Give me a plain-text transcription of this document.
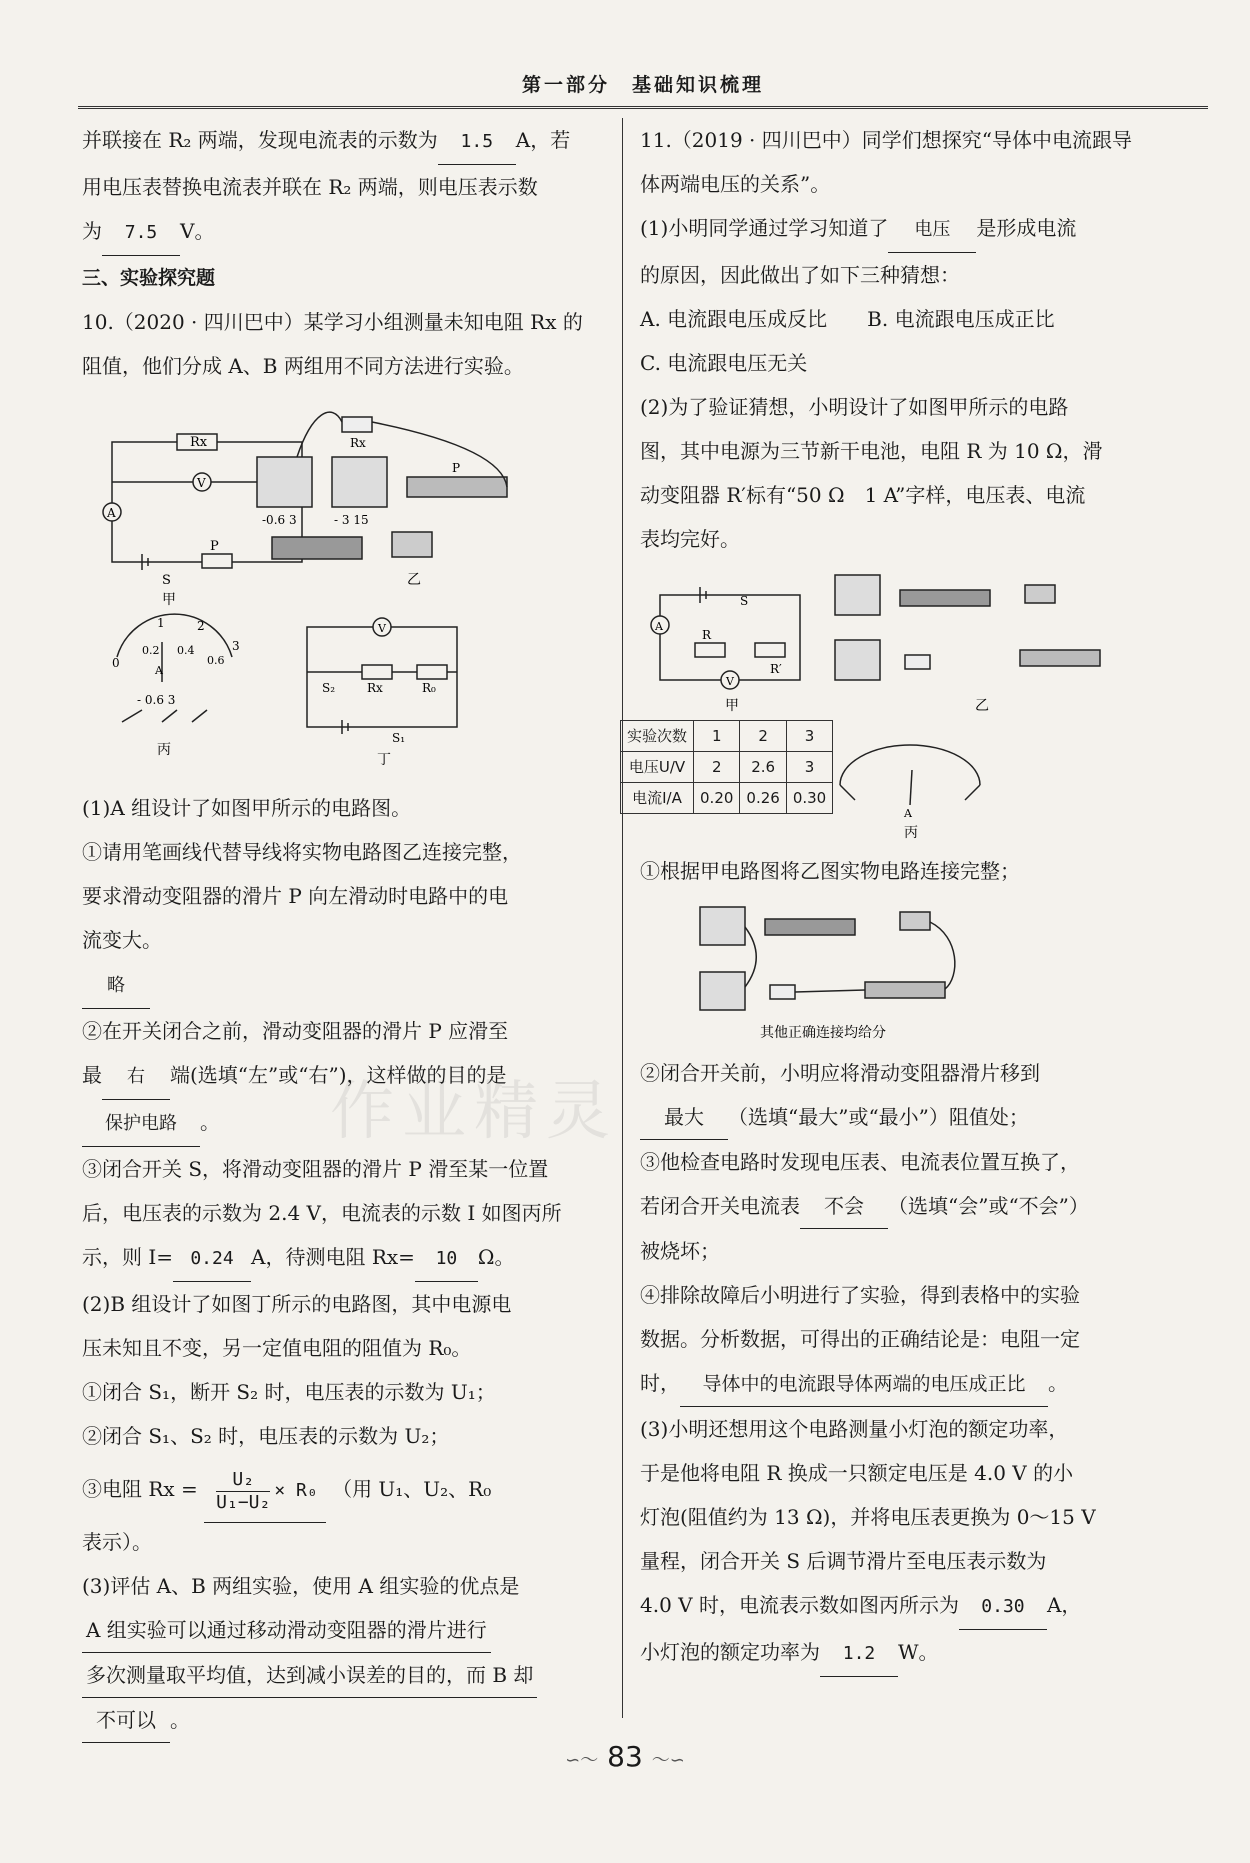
第一部分　基础知识梳理
作业精灵
并联接在 R₂ 两端，发现电流表的示数为 1.5 A，若
用电压表替换电流表并联在 R₂ 两端，则电压表示数
为 7.5 V。
三、实验探究题
10.（2020 · 四川巴中）某学习小组测量未知电阻 Rx 的
阻值，他们分成 A、B 两组用不同方法进行实验。
Rx
V
A
P
S
甲
-0.6 3	- 3 15
Rx
P
乙
0
1	2
3
0.2 0.4
0.6
A
- 0.6 3
丙
V
S₂	Rx	R₀
S₁
丁
(1)A 组设计了如图甲所示的电路图。
①请用笔画线代替导线将实物电路图乙连接完整，
要求滑动变阻器的滑片 P 向左滑动时电路中的电
流变大。
略
②在开关闭合之前，滑动变阻器的滑片 P 应滑至
最 右 端(选填“左”或“右”)，这样做的目的是
保护电路 。
③闭合开关 S，将滑动变阻器的滑片 P 滑至某一位置
后，电压表的示数为 2.4 V，电流表的示数 I 如图丙所
示，则 I= 0.24 A，待测电阻 Rx= 10 Ω。
(2)B 组设计了如图丁所示的电路图，其中电源电
压未知且不变，另一定值电阻的阻值为 R₀。
①闭合 S₁，断开 S₂ 时，电压表的示数为 U₁；
②闭合 S₁、S₂ 时，电压表的示数为 U₂；
③电阻 $Rx = \frac{\text{U₂}}{\text{U₁−U₂}} \times R_0$ （用 U₁、U₂、R₀
表示）。
(3)评估 A、B 两组实验，使用 A 组实验的优点是
A 组实验可以通过移动滑动变阻器的滑片进行
多次测量取平均值，达到减小误差的目的，而 B 却
不可以 。
11.（2019 · 四川巴中）同学们想探究“导体中电流跟导
体两端电压的关系”。
(1)小明同学通过学习知道了 电压 是形成电流
的原因，因此做出了如下三种猜想：
A. 电流跟电压成反比 B. 电流跟电压成正比
C. 电流跟电压无关
(2)为了验证猜想，小明设计了如图甲所示的电路
图，其中电源为三节新干电池，电阻 R 为 10 Ω，滑
动变阻器 R′标有“50 Ω　1 A”字样，电压表、电流
表均完好。
S
A
R
R′
V
甲	乙
A
丙
实验次数	1	2	3
电压U/V	2	2.6	3
电流I/A	0.20	0.26	0.30
①根据甲电路图将乙图实物电路连接完整；
其他正确连接均给分
②闭合开关前，小明应将滑动变阻器滑片移到
最大 （选填“最大”或“最小”）阻值处；
③他检查电路时发现电压表、电流表位置互换了，
若闭合开关电流表 不会 （选填“会”或“不会”）
被烧坏；
④排除故障后小明进行了实验，得到表格中的实验
数据。分析数据，可得出的正确结论是：电阻一定
时， 导体中的电流跟导体两端的电压成正比 。
(3)小明还想用这个电路测量小灯泡的额定功率，
于是他将电阻 R 换成一只额定电压是 4.0 V 的小
灯泡(阻值约为 13 Ω)，并将电压表更换为 0～15 V
量程，闭合开关 S 后调节滑片至电压表示数为
4.0 V 时，电流表示数如图丙所示为 0.30 A，
小灯泡的额定功率为 1.2 W。
∽〜 83 〜∽
